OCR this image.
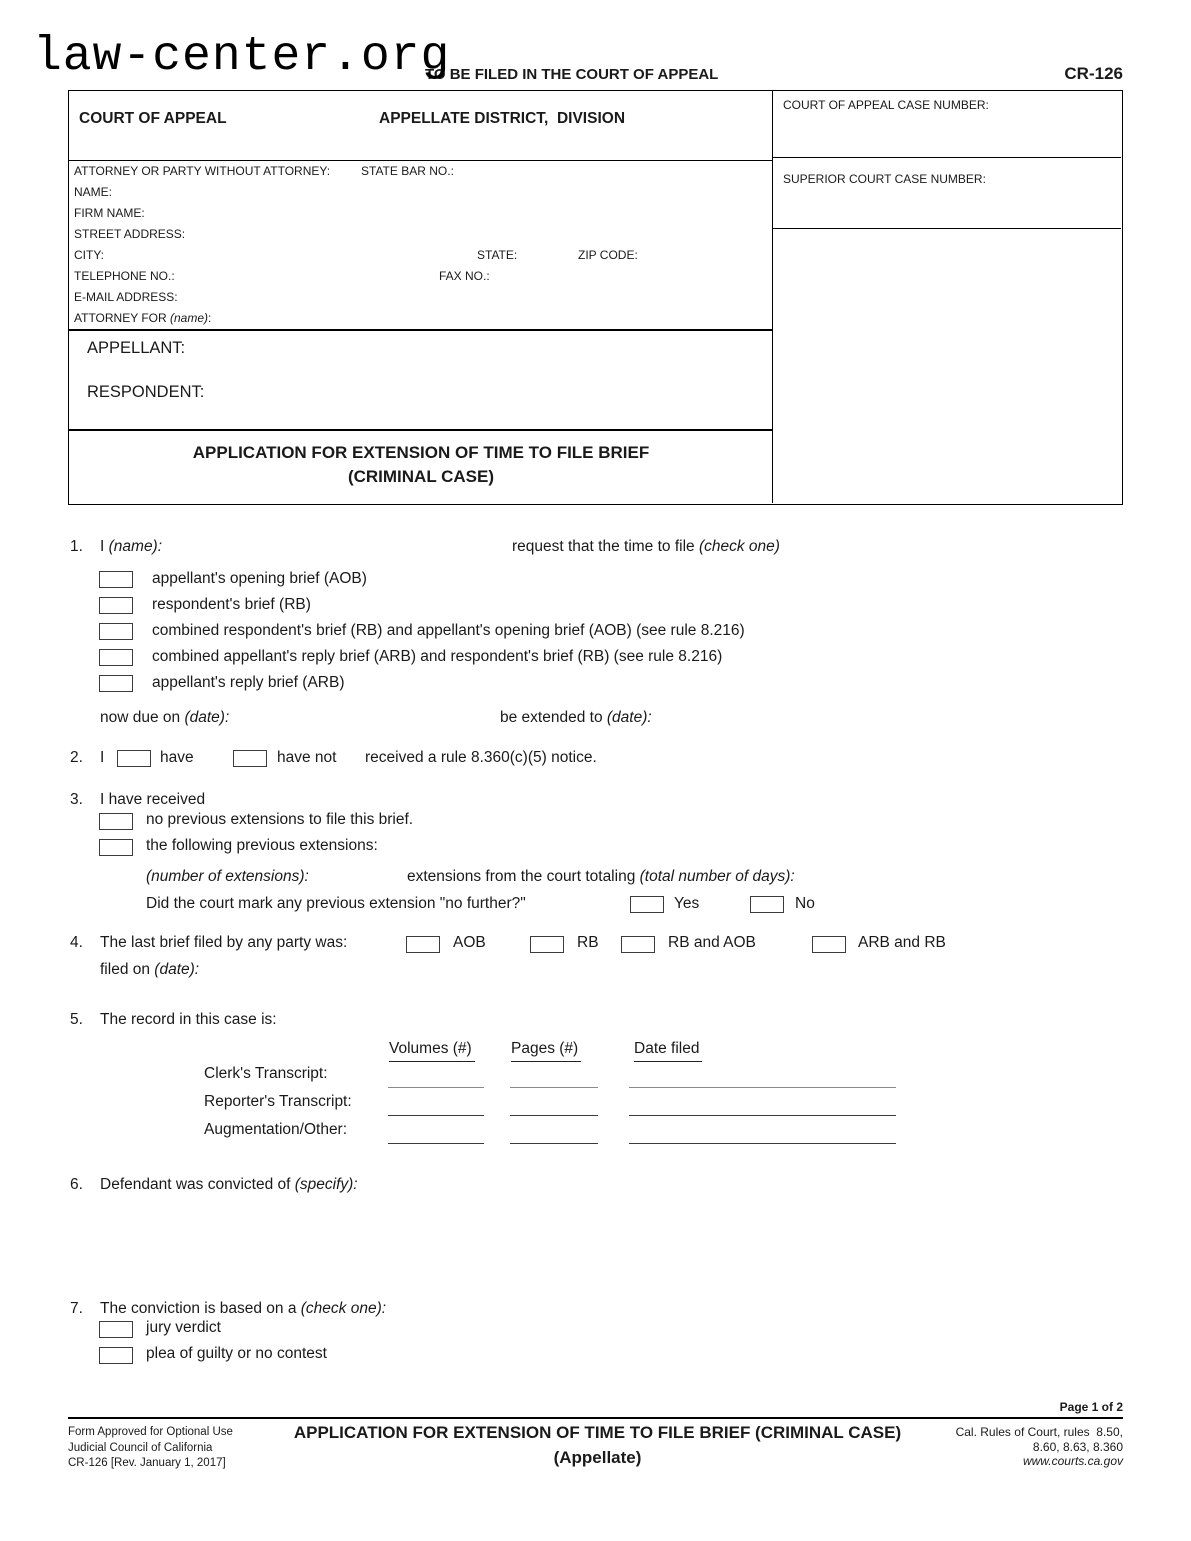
TO BE FILED IN THE COURT OF APPEAL	CR-126
law-center.org
COURT OF APPEAL	APPELLATE DISTRICT,  DIVISION
ATTORNEY OR PARTY WITHOUT ATTORNEY:	STATE BAR NO.:
NAME:
FIRM NAME:
STREET ADDRESS:
CITY:	STATE:	ZIP CODE:
TELEPHONE NO.:	FAX NO.:
E-MAIL ADDRESS:
ATTORNEY FOR (name):
APPELLANT:
RESPONDENT:
APPLICATION FOR EXTENSION OF TIME TO FILE BRIEF
(CRIMINAL CASE)
COURT OF APPEAL CASE NUMBER:
SUPERIOR COURT CASE NUMBER:
1. I (name):	request that the time to file (check one)
appellant's opening brief (AOB)
respondent's brief (RB)
combined respondent's brief (RB) and appellant's opening brief (AOB) (see rule 8.216)
combined appellant's reply brief (ARB) and respondent's brief (RB) (see rule 8.216)
appellant's reply brief (ARB)
now due on (date):	be extended to (date):
2. I	have	have not received a rule 8.360(c)(5) notice.
3. I have received
no previous extensions to file this brief.
the following previous extensions:
(number of extensions):	extensions from the court totaling (total number of days):
Did the court mark any previous extension "no further?"	Yes	No
4. The last brief filed by any party was:	AOB	RB	RB and AOB	ARB and RB
filed on (date):
5. The record in this case is:
Volumes (#)	Pages (#)	Date filed
Clerk's Transcript:
Reporter's Transcript:
Augmentation/Other:
6. Defendant was convicted of (specify):
7. The conviction is based on a (check one):
jury verdict
plea of guilty or no contest
Page 1 of 2
Form Approved for Optional Use
Judicial Council of California
CR-126 [Rev. January 1, 2017]
APPLICATION FOR EXTENSION OF TIME TO FILE BRIEF (CRIMINAL CASE)
(Appellate)
Cal. Rules of Court, rules  8.50,
8.60, 8.63, 8.360
www.courts.ca.gov
